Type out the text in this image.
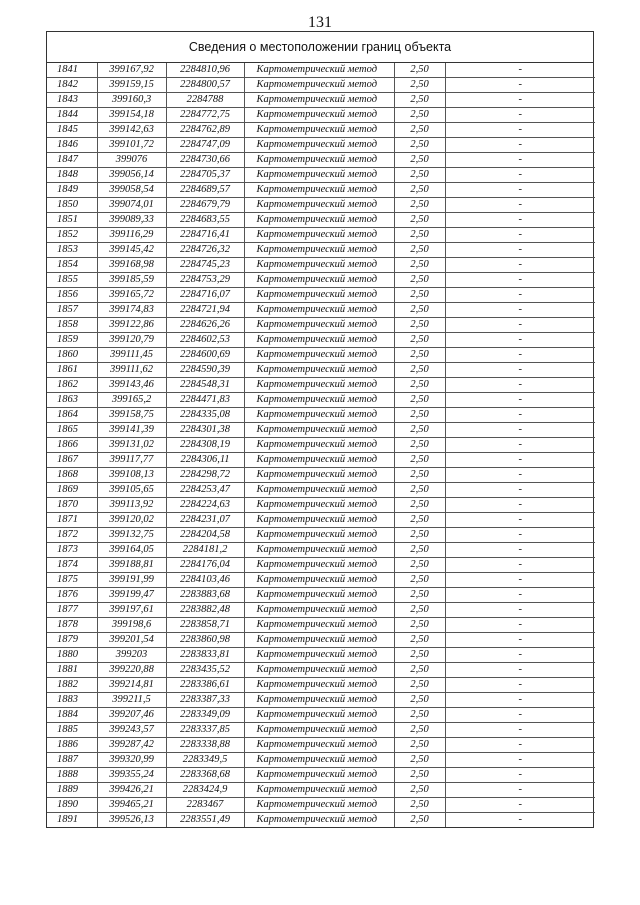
131
Сведения о местоположении границ объекта
1841	399167,92	2284810,96	Картометрический метод	2,50	-
1842	399159,15	2284800,57	Картометрический метод	2,50	-
1843	399160,3	2284788	Картометрический метод	2,50	-
1844	399154,18	2284772,75	Картометрический метод	2,50	-
1845	399142,63	2284762,89	Картометрический метод	2,50	-
1846	399101,72	2284747,09	Картометрический метод	2,50	-
1847	399076	2284730,66	Картометрический метод	2,50	-
1848	399056,14	2284705,37	Картометрический метод	2,50	-
1849	399058,54	2284689,57	Картометрический метод	2,50	-
1850	399074,01	2284679,79	Картометрический метод	2,50	-
1851	399089,33	2284683,55	Картометрический метод	2,50	-
1852	399116,29	2284716,41	Картометрический метод	2,50	-
1853	399145,42	2284726,32	Картометрический метод	2,50	-
1854	399168,98	2284745,23	Картометрический метод	2,50	-
1855	399185,59	2284753,29	Картометрический метод	2,50	-
1856	399165,72	2284716,07	Картометрический метод	2,50	-
1857	399174,83	2284721,94	Картометрический метод	2,50	-
1858	399122,86	2284626,26	Картометрический метод	2,50	-
1859	399120,79	2284602,53	Картометрический метод	2,50	-
1860	399111,45	2284600,69	Картометрический метод	2,50	-
1861	399111,62	2284590,39	Картометрический метод	2,50	-
1862	399143,46	2284548,31	Картометрический метод	2,50	-
1863	399165,2	2284471,83	Картометрический метод	2,50	-
1864	399158,75	2284335,08	Картометрический метод	2,50	-
1865	399141,39	2284301,38	Картометрический метод	2,50	-
1866	399131,02	2284308,19	Картометрический метод	2,50	-
1867	399117,77	2284306,11	Картометрический метод	2,50	-
1868	399108,13	2284298,72	Картометрический метод	2,50	-
1869	399105,65	2284253,47	Картометрический метод	2,50	-
1870	399113,92	2284224,63	Картометрический метод	2,50	-
1871	399120,02	2284231,07	Картометрический метод	2,50	-
1872	399132,75	2284204,58	Картометрический метод	2,50	-
1873	399164,05	2284181,2	Картометрический метод	2,50	-
1874	399188,81	2284176,04	Картометрический метод	2,50	-
1875	399191,99	2284103,46	Картометрический метод	2,50	-
1876	399199,47	2283883,68	Картометрический метод	2,50	-
1877	399197,61	2283882,48	Картометрический метод	2,50	-
1878	399198,6	2283858,71	Картометрический метод	2,50	-
1879	399201,54	2283860,98	Картометрический метод	2,50	-
1880	399203	2283833,81	Картометрический метод	2,50	-
1881	399220,88	2283435,52	Картометрический метод	2,50	-
1882	399214,81	2283386,61	Картометрический метод	2,50	-
1883	399211,5	2283387,33	Картометрический метод	2,50	-
1884	399207,46	2283349,09	Картометрический метод	2,50	-
1885	399243,57	2283337,85	Картометрический метод	2,50	-
1886	399287,42	2283338,88	Картометрический метод	2,50	-
1887	399320,99	2283349,5	Картометрический метод	2,50	-
1888	399355,24	2283368,68	Картометрический метод	2,50	-
1889	399426,21	2283424,9	Картометрический метод	2,50	-
1890	399465,21	2283467	Картометрический метод	2,50	-
1891	399526,13	2283551,49	Картометрический метод	2,50	-
